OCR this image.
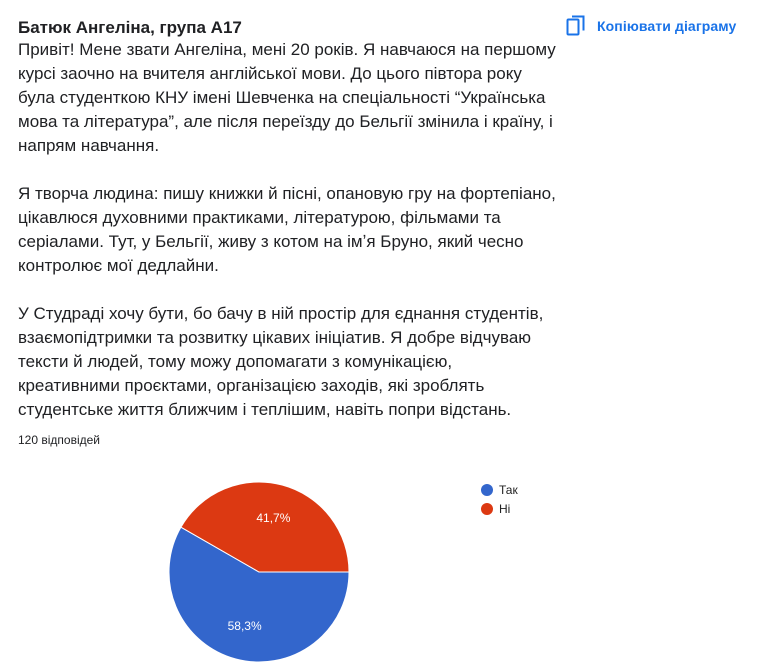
Батюк Ангеліна, група А17	Копіювати діаграму

Привіт! Мене звати Ангеліна, мені 20 років. Я навчаюся на першому курсі заочно на вчителя англійської мови. До цього півтора року була студенткою КНУ імені Шевченка на спеціальності “Українська мова та література”, але після переїзду до Бельгії змінила і країну, і напрям навчання.

Я творча людина: пишу книжки й пісні, опановую гру на фортепіано, цікавлюся духовними практиками, літературою, фільмами та серіалами. Тут, у Бельгії, живу з котом на імʼя Бруно, який чесно контролює мої дедлайни.

У Студраді хочу бути, бо бачу в ній простір для єднання студентів, взаємопідтримки та розвитку цікавих ініціатив. Я добре відчуваю тексти й людей, тому можу допомагати з комунікацією, креативними проєктами, організацією заходів, які зроблять студентське життя ближчим і теплішим, навіть попри відстань.

120 відповідей
58,3%
41,7%
Так
Ні
